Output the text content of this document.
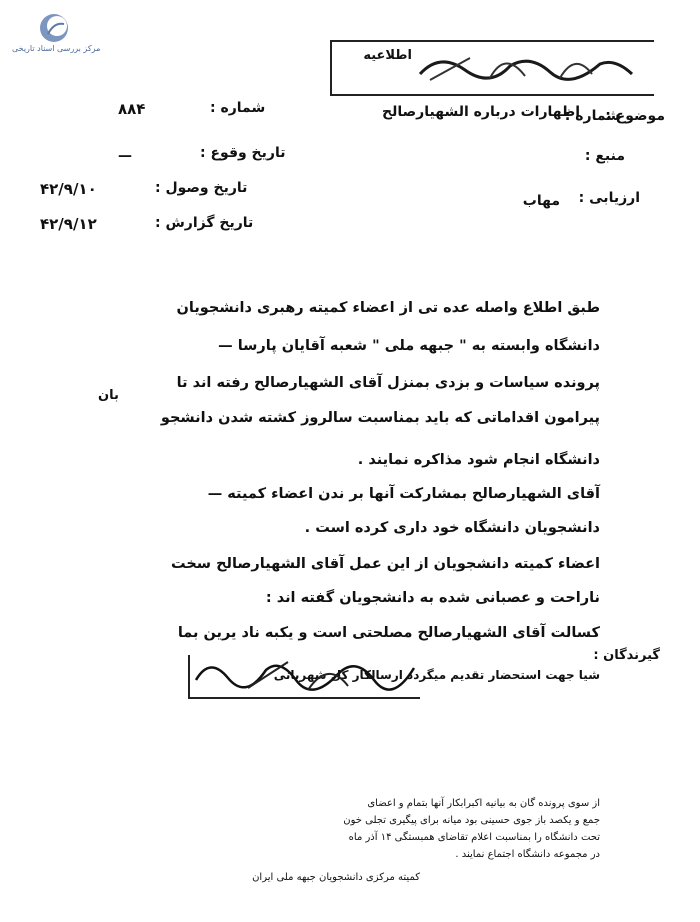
مرکز بررسی اسناد تاریخی	اطلاعیه
شماره :
موضوع :
اظهارات درباره الشهیارصالح
منبع :
ارزیابی :
مهاب
شماره :
۸۸۴
تاریخ وقوع :
—
تاریخ وصول :
۴۲/۹/۱۰
تاریخ گزارش :
۴۲/۹/۱۲
طبق اطلاع واصله عده تی از اعضاء کمیته رهبری دانشجویان
دانشگاه وابسته به " جبهه ملی " شعبه آقایان پارسا —
پرونده سیاسات و بزدی بمنزل آقای الشهیارصالح رفته اند تا
بان
پیرامون اقداماتی که باید بمناسبت سالروز کشته شدن دانشجو
دانشگاه انجام شود مذاکره نمایند .
آقای الشهیارصالح بمشارکت آنها بر ندن اعضاء کمیته —
دانشجویان دانشگاه خود داری کرده است .
اعضاء کمیته دانشجویان از این عمل آقای الشهیارصالح سخت
ناراحت و عصبانی شده به دانشجویان گفته اند :
کسالت آقای الشهیارصالح مصلحتی است و یکبه ناد یرین بما
گیرندگان :
شیا جهت استحضار تقدیم میگردد ارسالکار کل شهربانی
از سوی پرونده گان به بیانیه اکبرابکار آنها بتمام و اعضای
جمع و یکصد باز جوی حسینی بود میانه برای پیگیری تجلی خون
تحت دانشگاه را بمناسبت اعلام تقاضای همبستگی ۱۴ آذر ماه
در مجموعه دانشگاه اجتماع نمایند .
کمیته مرکزی دانشجویان جبهه ملی ایران
